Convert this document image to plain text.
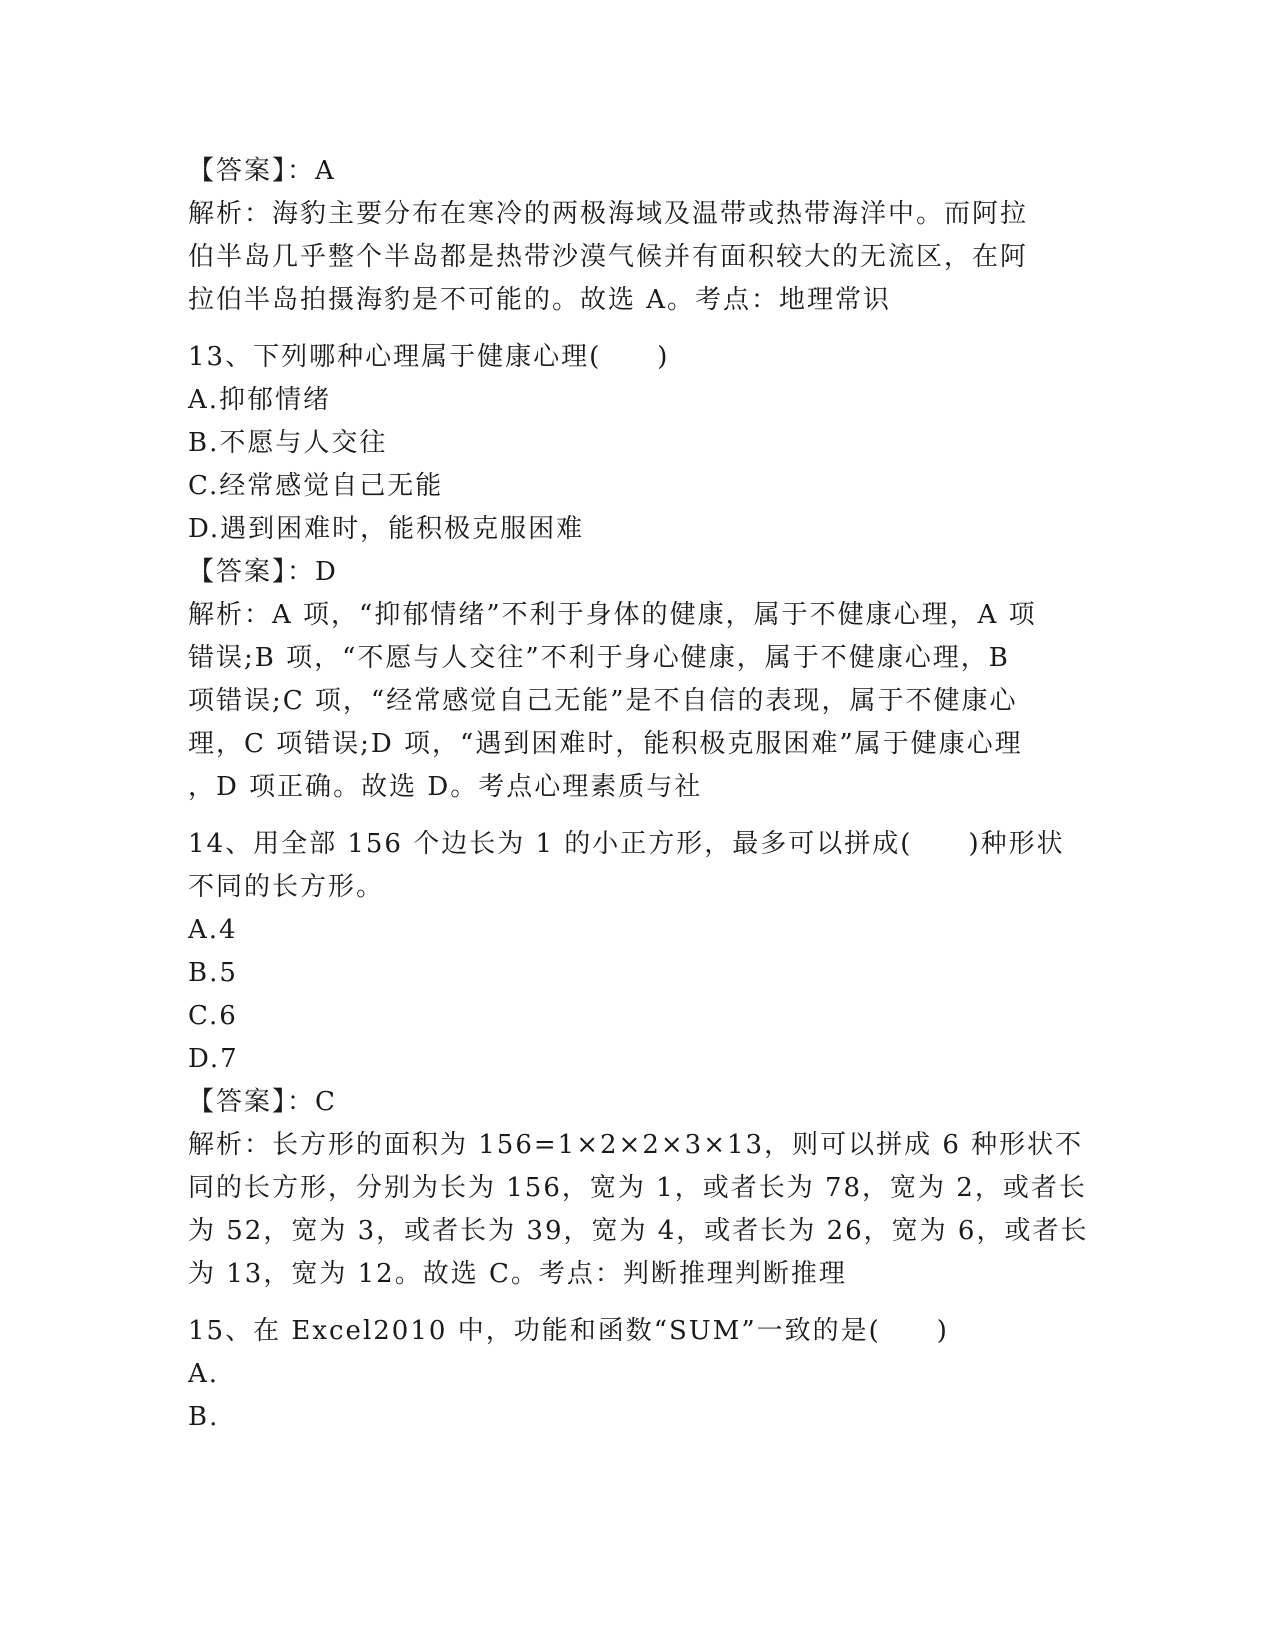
【答案】：A
解析：海豹主要分布在寒冷的两极海域及温带或热带海洋中。而阿拉
伯半岛几乎整个半岛都是热带沙漠气候并有面积较大的无流区，在阿
拉伯半岛拍摄海豹是不可能的。故选 A。考点：地理常识
13、下列哪种心理属于健康心理(　　)
A.抑郁情绪
B.不愿与人交往
C.经常感觉自己无能
D.遇到困难时，能积极克服困难
【答案】：D
解析：A 项，“抑郁情绪”不利于身体的健康，属于不健康心理，A 项
错误;B 项，“不愿与人交往”不利于身心健康，属于不健康心理，B
项错误;C 项，“经常感觉自己无能”是不自信的表现，属于不健康心
理，C 项错误;D 项，“遇到困难时，能积极克服困难”属于健康心理
，D 项正确。故选 D。考点心理素质与社
14、用全部 156 个边长为 1 的小正方形，最多可以拼成(　　)种形状
不同的长方形。
A.4
B.5
C.6
D.7
【答案】：C
解析：长方形的面积为 156=1×2×2×3×13，则可以拼成 6 种形状不
同的长方形，分别为长为 156，宽为 1，或者长为 78，宽为 2，或者长
为 52，宽为 3，或者长为 39，宽为 4，或者长为 26，宽为 6，或者长
为 13，宽为 12。故选 C。考点：判断推理判断推理
15、在 Excel2010 中，功能和函数“SUM”一致的是(　　)
A.
B.
